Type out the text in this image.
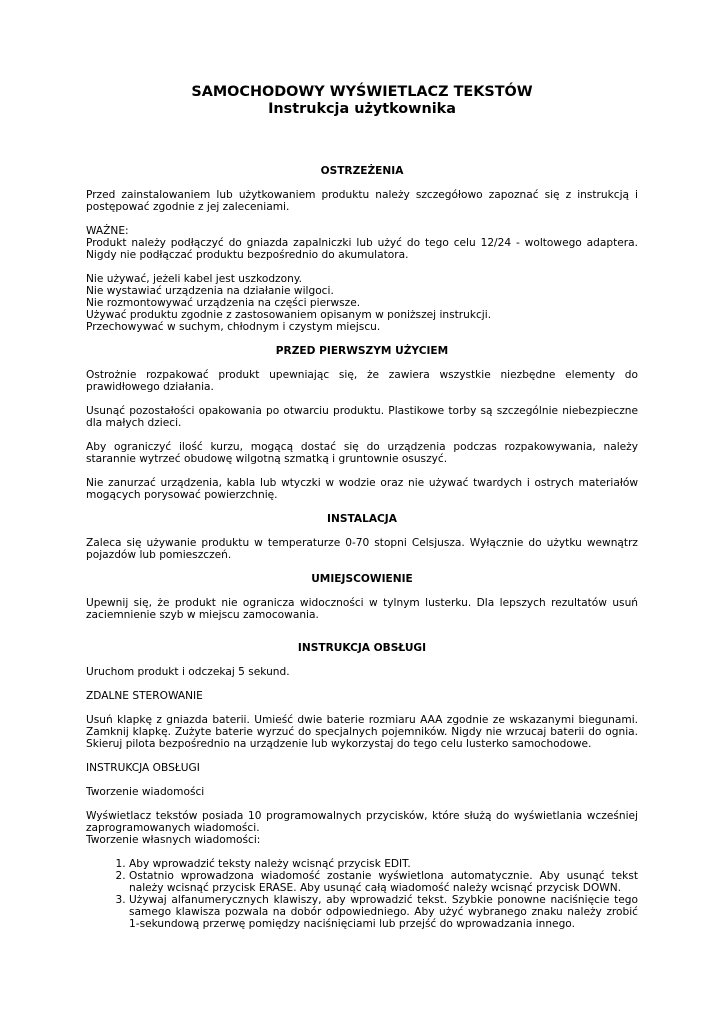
SAMOCHODOWY WYŚWIETLACZ TEKSTÓW
Instrukcja użytkownika
OSTRZEŻENIA

Przed zainstalowaniem lub użytkowaniem produktu należy szczegółowo zapoznać się z instrukcją i postępować zgodnie z jej zaleceniami.

WAŻNE:
Produkt należy podłączyć do gniazda zapalniczki lub użyć do tego celu 12/24 - woltowego adaptera. Nigdy nie podłączać produktu bezpośrednio do akumulatora.
Nie używać, jeżeli kabel jest uszkodzony.
Nie wystawiać urządzenia na działanie wilgoci.
Nie rozmontowywać urządzenia na części pierwsze.
Używać produktu zgodnie z zastosowaniem opisanym w poniższej instrukcji.
Przechowywać w suchym, chłodnym i czystym miejscu.
PRZED PIERWSZYM UŻYCIEM

Ostrożnie rozpakować produkt upewniając się, że zawiera wszystkie niezbędne elementy do prawidłowego działania.

Usunąć pozostałości opakowania po otwarciu produktu. Plastikowe torby są szczególnie niebezpieczne dla małych dzieci.

Aby ograniczyć ilość kurzu, mogącą dostać się do urządzenia podczas rozpakowywania, należy starannie wytrzeć obudowę wilgotną szmatką i gruntownie osuszyć.

Nie zanurzać urządzenia, kabla lub wtyczki w wodzie oraz nie używać twardych i ostrych materiałów mogących porysować powierzchnię.

INSTALACJA

Zaleca się używanie produktu w temperaturze 0-70 stopni Celsjusza. Wyłącznie do użytku wewnątrz pojazdów lub pomieszczeń.

UMIEJSCOWIENIE

Upewnij się, że produkt nie ogranicza widoczności w tylnym lusterku. Dla lepszych rezultatów usuń zaciemnienie szyb w miejscu zamocowania.

INSTRUKCJA OBSŁUGI

Uruchom produkt i odczekaj 5 sekund.

ZDALNE STEROWANIE

Usuń klapkę z gniazda baterii. Umieść dwie baterie rozmiaru AAA zgodnie ze wskazanymi biegunami. Zamknij klapkę. Zużyte baterie wyrzuć do specjalnych pojemników. Nigdy nie wrzucaj baterii do ognia. Skieruj pilota bezpośrednio na urządzenie lub wykorzystaj do tego celu lusterko samochodowe.

INSTRUKCJA OBSŁUGI

Tworzenie wiadomości

Wyświetlacz tekstów posiada 10 programowalnych przycisków, które służą do wyświetlania wcześniej zaprogramowanych wiadomości.
Tworzenie własnych wiadomości:
1. Aby wprowadzić teksty należy wcisnąć przycisk EDIT.
2. Ostatnio wprowadzona wiadomość zostanie wyświetlona automatycznie. Aby usunąć tekst należy wcisnąć przycisk ERASE. Aby usunąć całą wiadomość należy wcisnąć przycisk DOWN.
3. Używaj alfanumerycznych klawiszy, aby wprowadzić tekst. Szybkie ponowne naciśnięcie tego samego klawisza pozwala na dobór odpowiedniego. Aby użyć wybranego znaku należy zrobić 1-sekundową przerwę pomiędzy naciśnięciami lub przejść do wprowadzania innego.
